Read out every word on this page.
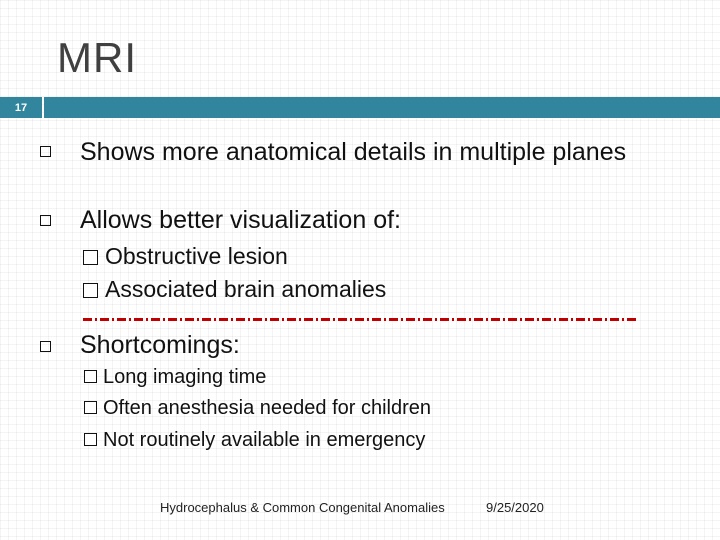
MRI
17
Shows more anatomical details in multiple planes
Allows better visualization of:
Obstructive lesion
Associated brain anomalies
Shortcomings:
Long imaging time
Often anesthesia needed for children
Not routinely available in emergency
Hydrocephalus & Common Congenital Anomalies	9/25/2020
